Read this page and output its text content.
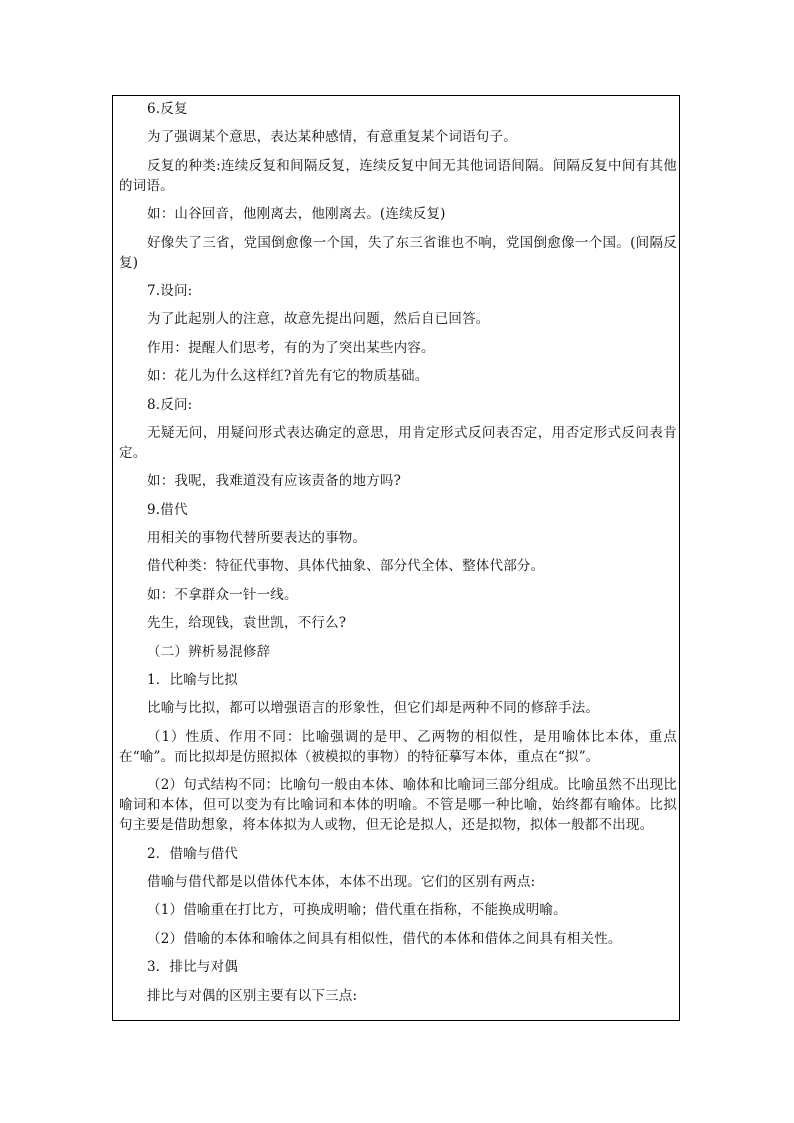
6.反复

为了强调某个意思，表达某种感情，有意重复某个词语句子。

反复的种类:连续反复和间隔反复，连续反复中间无其他词语间隔。间隔反复中间有其他的词语。

如：山谷回音，他刚离去，他刚离去。(连续反复)

好像失了三省，党国倒愈像一个国，失了东三省谁也不响，党国倒愈像一个国。(间隔反复)

7.设问:

为了此起别人的注意，故意先提出问题，然后自已回答。

作用：提醒人们思考，有的为了突出某些内容。

如：花儿为什么这样红?首先有它的物质基础。

8.反问:

无疑无问，用疑问形式表达确定的意思，用肯定形式反问表否定，用否定形式反问表肯定。

如：我呢，我难道没有应该责备的地方吗?

9.借代

用相关的事物代替所要表达的事物。

借代种类：特征代事物、具体代抽象、部分代全体、整体代部分。

如：不拿群众一针一线。

先生，给现钱，袁世凯，不行么?

（二）辨析易混修辞

1．比喻与比拟

比喻与比拟，都可以增强语言的形象性，但它们却是两种不同的修辞手法。

（1）性质、作用不同：比喻强调的是甲、乙两物的相似性，是用喻体比本体，重点在“喻”。而比拟却是仿照拟体（被模拟的事物）的特征摹写本体，重点在“拟”。

（2）句式结构不同：比喻句一般由本体、喻体和比喻词三部分组成。比喻虽然不出现比喻词和本体，但可以变为有比喻词和本体的明喻。不管是哪一种比喻，始终都有喻体。比拟句主要是借助想象，将本体拟为人或物，但无论是拟人，还是拟物，拟体一般都不出现。

2．借喻与借代

借喻与借代都是以借体代本体，本体不出现。它们的区别有两点:

（1）借喻重在打比方，可换成明喻；借代重在指称，不能换成明喻。

（2）借喻的本体和喻体之间具有相似性，借代的本体和借体之间具有相关性。

3．排比与对偶

排比与对偶的区别主要有以下三点:
